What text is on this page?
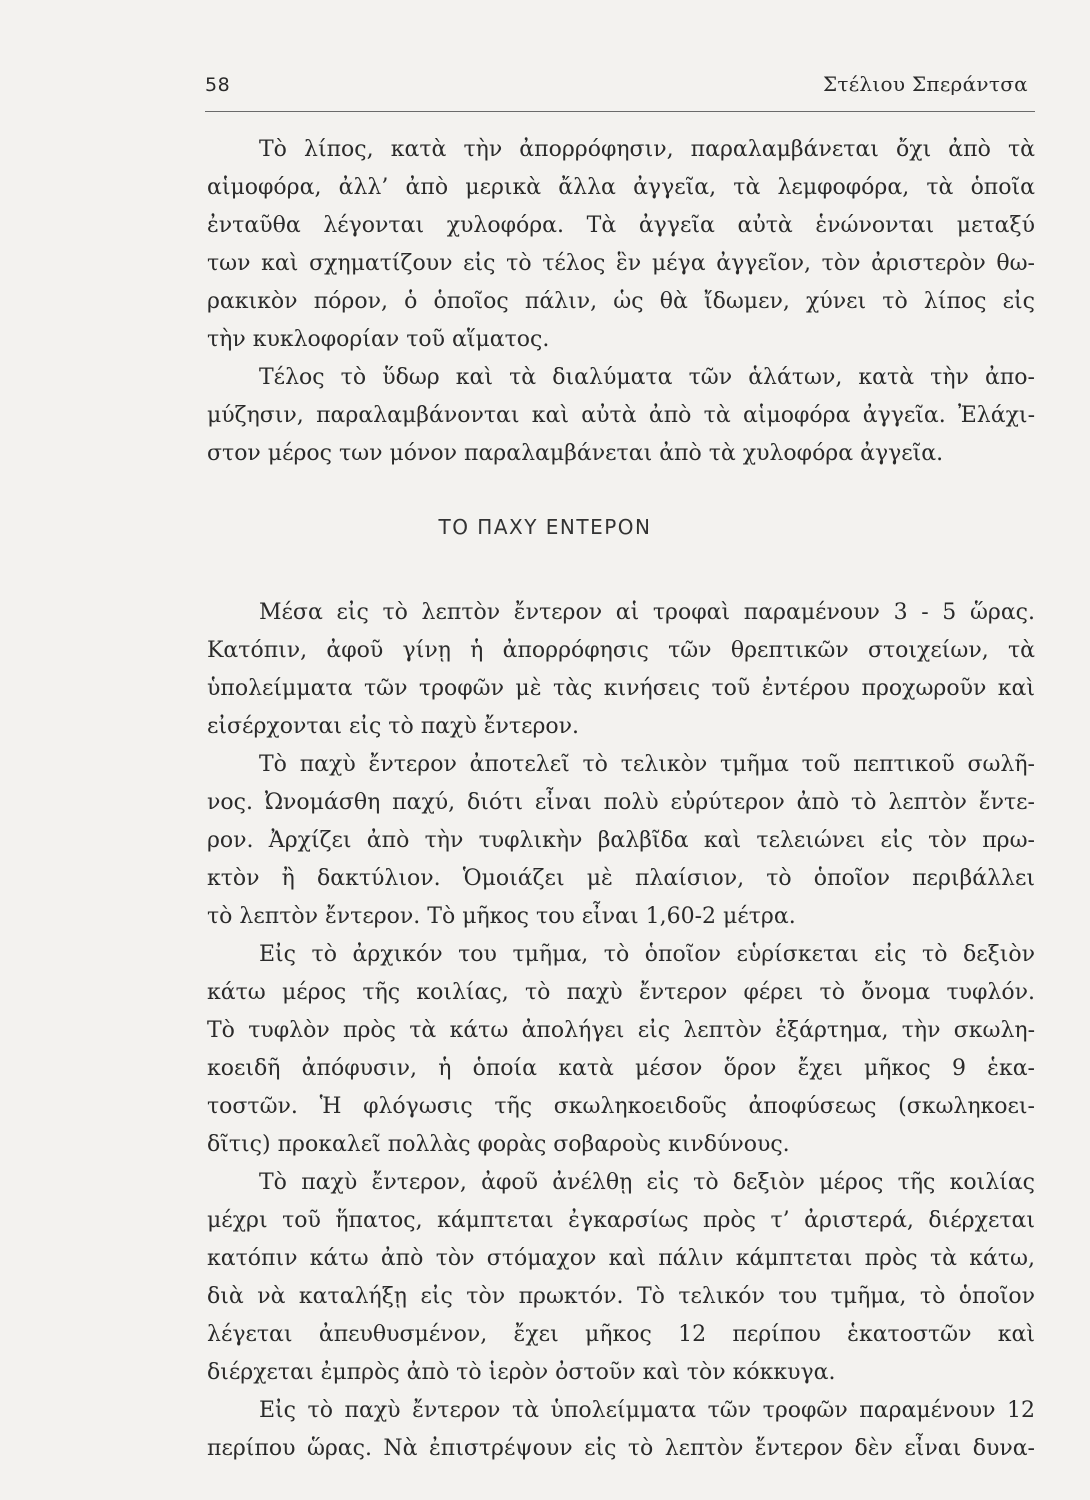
58	Στέλιου Σπεράντσα

Τὸ λίπος, κατὰ τὴν ἀπορρόφησιν, παραλαμβάνεται ὄχι ἀπὸ τὰ

αἱμοφόρα, ἀλλ’ ἀπὸ μερικὰ ἄλλα ἀγγεῖα, τὰ λεμφοφόρα, τὰ ὁποῖα

ἐνταῦθα λέγονται χυλοφόρα. Τὰ ἀγγεῖα αὐτὰ ἑνώνονται μεταξύ

των καὶ σχηματίζουν εἰς τὸ τέλος ἓν μέγα ἀγγεῖον, τὸν ἀριστερὸν θω-

ρακικὸν πόρον, ὁ ὁποῖος πάλιν, ὡς θὰ ἴδωμεν, χύνει τὸ λίπος εἰς

τὴν κυκλοφορίαν τοῦ αἵματος.

Τέλος τὸ ὕδωρ καὶ τὰ διαλύματα τῶν ἁλάτων, κατὰ τὴν ἀπο-

μύζησιν, παραλαμβάνονται καὶ αὐτὰ ἀπὸ τὰ αἱμοφόρα ἀγγεῖα. Ἐλάχι-

στον μέρος των μόνον παραλαμβάνεται ἀπὸ τὰ χυλοφόρα ἀγγεῖα.

ΤΟ ΠΑΧΥ ΕΝΤΕΡΟΝ

Μέσα εἰς τὸ λεπτὸν ἔντερον αἱ τροφαὶ παραμένουν 3 - 5 ὥρας.

Κατόπιν, ἀφοῦ γίνῃ ἡ ἀπορρόφησις τῶν θρεπτικῶν στοιχείων, τὰ

ὑπολείμματα τῶν τροφῶν μὲ τὰς κινήσεις τοῦ ἐντέρου προχωροῦν καὶ

εἰσέρχονται εἰς τὸ παχὺ ἔντερον.

Τὸ παχὺ ἔντερον ἀποτελεῖ τὸ τελικὸν τμῆμα τοῦ πεπτικοῦ σωλῆ-

νος. Ὠνομάσθη παχύ, διότι εἶναι πολὺ εὐρύτερον ἀπὸ τὸ λεπτὸν ἔντε-

ρον. Ἀρχίζει ἀπὸ τὴν τυφλικὴν βαλβῖδα καὶ τελειώνει εἰς τὸν πρω-

κτὸν ἢ δακτύλιον. Ὁμοιάζει μὲ πλαίσιον, τὸ ὁποῖον περιβάλλει

τὸ λεπτὸν ἔντερον. Τὸ μῆκος του εἶναι 1,60-2 μέτρα.

Εἰς τὸ ἀρχικόν του τμῆμα, τὸ ὁποῖον εὑρίσκεται εἰς τὸ δεξιὸν

κάτω μέρος τῆς κοιλίας, τὸ παχὺ ἔντερον φέρει τὸ ὄνομα τυφλόν.

Τὸ τυφλὸν πρὸς τὰ κάτω ἀπολήγει εἰς λεπτὸν ἐξάρτημα, τὴν σκωλη-

κοειδῆ ἀπόφυσιν, ἡ ὁποία κατὰ μέσον ὅρον ἔχει μῆκος 9 ἑκα-

τοστῶν. Ἡ φλόγωσις τῆς σκωληκοειδοῦς ἀποφύσεως (σκωληκοει-

δῖτις) προκαλεῖ πολλὰς φορὰς σοβαροὺς κινδύνους.

Τὸ παχὺ ἔντερον, ἀφοῦ ἀνέλθῃ εἰς τὸ δεξιὸν μέρος τῆς κοιλίας

μέχρι τοῦ ἥπατος, κάμπτεται ἐγκαρσίως πρὸς τ’ ἀριστερά, διέρχεται

κατόπιν κάτω ἀπὸ τὸν στόμαχον καὶ πάλιν κάμπτεται πρὸς τὰ κάτω,

διὰ νὰ καταλήξῃ εἰς τὸν πρωκτόν. Τὸ τελικόν του τμῆμα, τὸ ὁποῖον

λέγεται ἀπευθυσμένον, ἔχει μῆκος 12 περίπου ἑκατοστῶν καὶ

διέρχεται ἐμπρὸς ἀπὸ τὸ ἱερὸν ὀστοῦν καὶ τὸν κόκκυγα.

Εἰς τὸ παχὺ ἔντερον τὰ ὑπολείμματα τῶν τροφῶν παραμένουν 12

περίπου ὥρας. Νὰ ἐπιστρέψουν εἰς τὸ λεπτὸν ἔντερον δὲν εἶναι δυνα-
